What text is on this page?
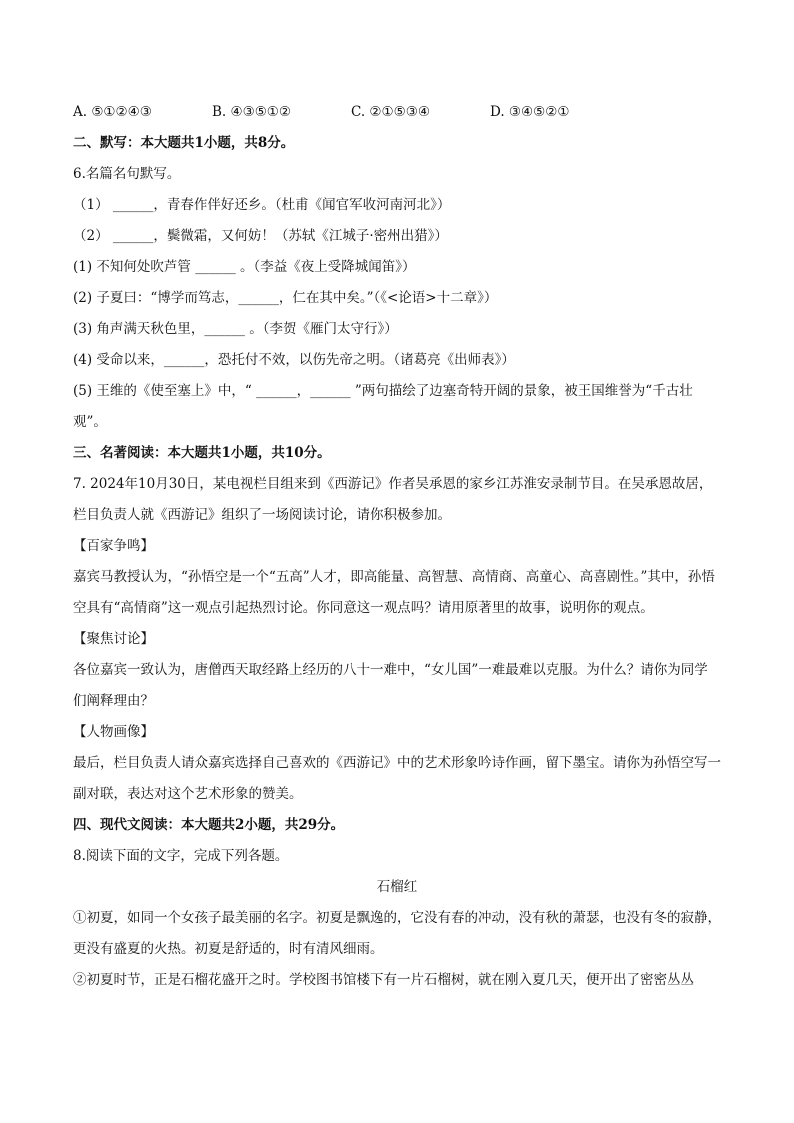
A. ⑤①②④③	B. ④③⑤①②	C. ②①⑤③④	D. ③④⑤②①
二、默写：本大题共1小题，共8分。
6.名篇名句默写。
（1） ______，青春作伴好还乡。（杜甫《闻官军收河南河北》）
（2） ______，鬓微霜，又何妨！（苏轼《江城子·密州出猎》）
(1) 不知何处吹芦管 ______ 。（李益《夜上受降城闻笛》）
(2) 子夏曰：“博学而笃志，______，仁在其中矣。”（《<论语>十二章》）
(3) 角声满天秋色里，______ 。（李贺《雁门太守行》）
(4) 受命以来，______，恐托付不效，以伤先帝之明。（诸葛亮《出师表》）
(5) 王维的《使至塞上》中，“ ______，______ ”两句描绘了边塞奇特开阔的景象，被王国维誉为“千古壮观”。
三、名著阅读：本大题共1小题，共10分。
7. 2024年10月30日，某电视栏目组来到《西游记》作者吴承恩的家乡江苏淮安录制节目。在吴承恩故居，栏目负责人就《西游记》组织了一场阅读讨论，请你积极参加。
【百家争鸣】
嘉宾马教授认为，“孙悟空是一个“五高”人才，即高能量、高智慧、高情商、高童心、高喜剧性。”其中，孙悟空具有“高情商”这一观点引起热烈讨论。你同意这一观点吗？请用原著里的故事，说明你的观点。
【聚焦讨论】
各位嘉宾一致认为，唐僧西天取经路上经历的八十一难中，“女儿国”一难最难以克服。为什么？请你为同学们阐释理由？
【人物画像】
最后，栏目负责人请众嘉宾选择自己喜欢的《西游记》中的艺术形象吟诗作画，留下墨宝。请你为孙悟空写一副对联，表达对这个艺术形象的赞美。
四、现代文阅读：本大题共2小题，共29分。
8.阅读下面的文字，完成下列各题。
石榴红
①初夏，如同一个女孩子最美丽的名字。初夏是飘逸的，它没有春的冲动，没有秋的萧瑟，也没有冬的寂静，更没有盛夏的火热。初夏是舒适的，时有清风细雨。
②初夏时节，正是石榴花盛开之时。学校图书馆楼下有一片石榴树，就在刚入夏几天，便开出了密密丛丛
